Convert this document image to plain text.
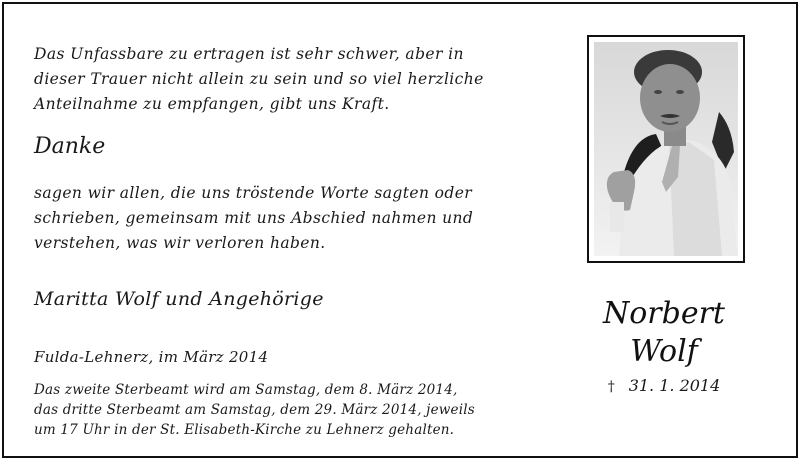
Das Unfassbare zu ertragen ist sehr schwer, aber in
dieser Trauer nicht allein zu sein und so viel herzliche
Anteilnahme zu empfangen, gibt uns Kraft.
Danke
sagen wir allen, die uns tröstende Worte sagten oder
schrieben, gemeinsam mit uns Abschied nahmen und
verstehen, was wir verloren haben.
Maritta Wolf und Angehörige
Fulda-Lehnerz, im März 2014
Das zweite Sterbeamt wird am Samstag, dem 8. März 2014,
das dritte Sterbeamt am Samstag, dem 29. März 2014, jeweils
um 17 Uhr in der St. Elisabeth-Kirche zu Lehnerz gehalten.
Norbert
Wolf
† 31. 1. 2014
